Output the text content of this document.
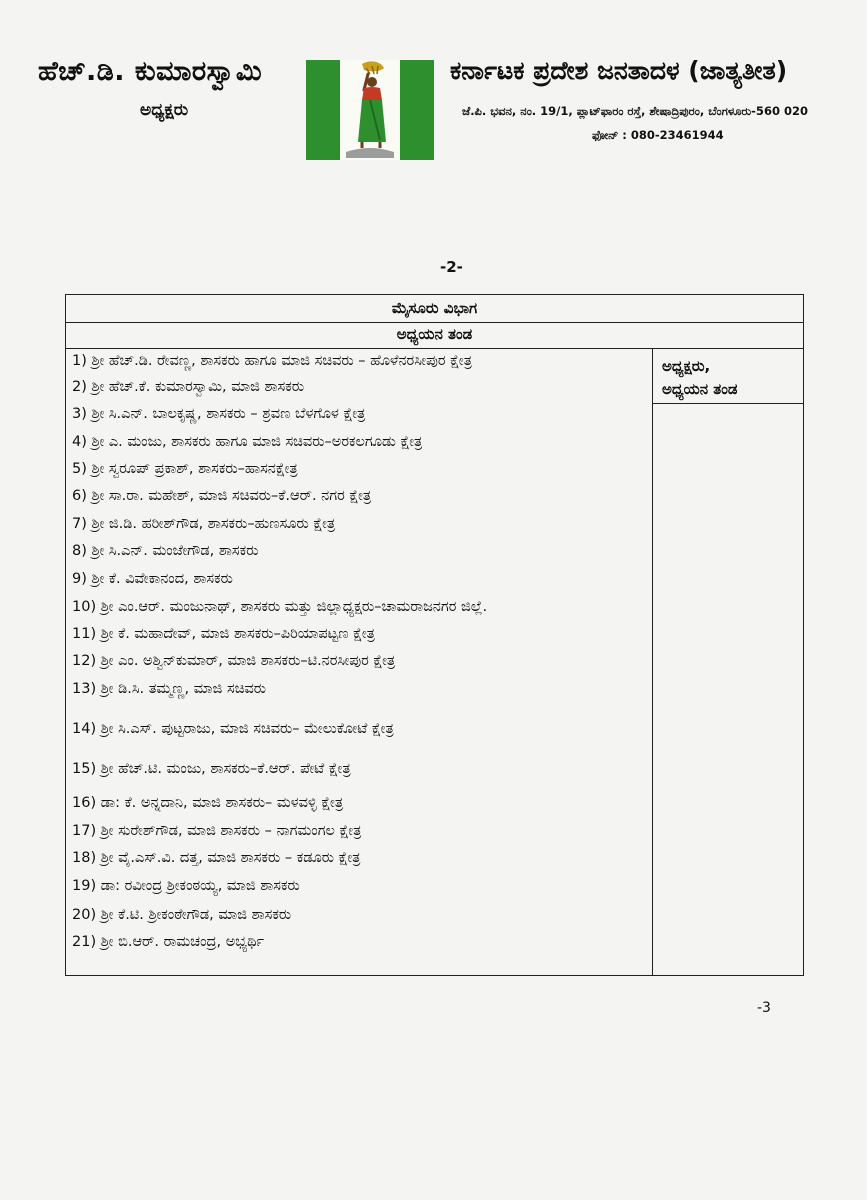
ಹೆಚ್.ಡಿ. ಕುಮಾರಸ್ವಾಮಿ
ಅಧ್ಯಕ್ಷರು
ಕರ್ನಾಟಕ ಪ್ರದೇಶ ಜನತಾದಳ (ಜಾತ್ಯತೀತ)
ಜೆ.ಪಿ. ಭವನ, ನಂ. 19/1, ಪ್ಲಾಟ್‌ಫಾರಂ ರಸ್ತೆ, ಶೇಷಾದ್ರಿಪುರಂ, ಬೆಂಗಳೂರು-560 020
ಫೋನ್ : 080-23461944
-2-
ಮೈಸೂರು ವಿಭಾಗ
ಅಧ್ಯಯನ ತಂಡ
ಅಧ್ಯಕ್ಷರು,
ಅಧ್ಯಯನ ತಂಡ
1) ಶ್ರೀ ಹೆಚ್.ಡಿ. ರೇವಣ್ಣ, ಶಾಸಕರು ಹಾಗೂ ಮಾಜಿ ಸಚಿವರು – ಹೊಳೆನರಸೀಪುರ ಕ್ಷೇತ್ರ
2) ಶ್ರೀ ಹೆಚ್.ಕೆ. ಕುಮಾರಸ್ವಾಮಿ, ಮಾಜಿ ಶಾಸಕರು
3) ಶ್ರೀ ಸಿ.ಎನ್. ಬಾಲಕೃಷ್ಣ, ಶಾಸಕರು – ಶ್ರವಣ ಬೆಳಗೊಳ ಕ್ಷೇತ್ರ
4) ಶ್ರೀ ಎ. ಮಂಜು, ಶಾಸಕರು ಹಾಗೂ ಮಾಜಿ ಸಚಿವರು–ಅರಕಲಗೂಡು ಕ್ಷೇತ್ರ
5) ಶ್ರೀ ಸ್ವರೂಪ್ ಪ್ರಕಾಶ್, ಶಾಸಕರು–ಹಾಸನಕ್ಷೇತ್ರ
6) ಶ್ರೀ ಸಾ.ರಾ. ಮಹೇಶ್, ಮಾಜಿ ಸಚಿವರು–ಕೆ.ಆರ್. ನಗರ ಕ್ಷೇತ್ರ
7) ಶ್ರೀ ಜಿ.ಡಿ. ಹರೀಶ್‌ಗೌಡ, ಶಾಸಕರು–ಹುಣಸೂರು ಕ್ಷೇತ್ರ
8) ಶ್ರೀ ಸಿ.ಎನ್. ಮಂಜೇಗೌಡ, ಶಾಸಕರು
9) ಶ್ರೀ ಕೆ. ವಿವೇಕಾನಂದ, ಶಾಸಕರು
10) ಶ್ರೀ ಎಂ.ಆರ್. ಮಂಜುನಾಥ್, ಶಾಸಕರು ಮತ್ತು ಜಿಲ್ಲಾಧ್ಯಕ್ಷರು–ಚಾಮರಾಜನಗರ ಜಿಲ್ಲೆ.
11) ಶ್ರೀ ಕೆ. ಮಹಾದೇವ್, ಮಾಜಿ ಶಾಸಕರು–ಪಿರಿಯಾಪಟ್ಟಣ ಕ್ಷೇತ್ರ
12) ಶ್ರೀ ಎಂ. ಅಶ್ವಿನ್‌ಕುಮಾರ್, ಮಾಜಿ ಶಾಸಕರು–ಟಿ.ನರಸೀಪುರ ಕ್ಷೇತ್ರ
13) ಶ್ರೀ ಡಿ.ಸಿ. ತಮ್ಮಣ್ಣ, ಮಾಜಿ ಸಚಿವರು
14) ಶ್ರೀ ಸಿ.ಎಸ್. ಪುಟ್ಟರಾಜು, ಮಾಜಿ ಸಚಿವರು– ಮೇಲುಕೋಟೆ ಕ್ಷೇತ್ರ
15) ಶ್ರೀ ಹೆಚ್.ಟಿ. ಮಂಜು, ಶಾಸಕರು–ಕೆ.ಆರ್. ಪೇಟೆ ಕ್ಷೇತ್ರ
16) ಡಾ: ಕೆ. ಅನ್ನದಾನಿ, ಮಾಜಿ ಶಾಸಕರು– ಮಳವಳ್ಳಿ ಕ್ಷೇತ್ರ
17) ಶ್ರೀ ಸುರೇಶ್‌ಗೌಡ, ಮಾಜಿ ಶಾಸಕರು – ನಾಗಮಂಗಲ ಕ್ಷೇತ್ರ
18) ಶ್ರೀ ವೈ.ಎಸ್.ವಿ. ದತ್ತ, ಮಾಜಿ ಶಾಸಕರು – ಕಡೂರು ಕ್ಷೇತ್ರ
19) ಡಾ: ರವೀಂದ್ರ ಶ್ರೀಕಂಠಯ್ಯ, ಮಾಜಿ ಶಾಸಕರು
20) ಶ್ರೀ ಕೆ.ಟಿ. ಶ್ರೀಕಂಠೇಗೌಡ, ಮಾಜಿ ಶಾಸಕರು
21) ಶ್ರೀ ಬಿ.ಆರ್. ರಾಮಚಂದ್ರ, ಅಭ್ಯರ್ಥಿ
-3
